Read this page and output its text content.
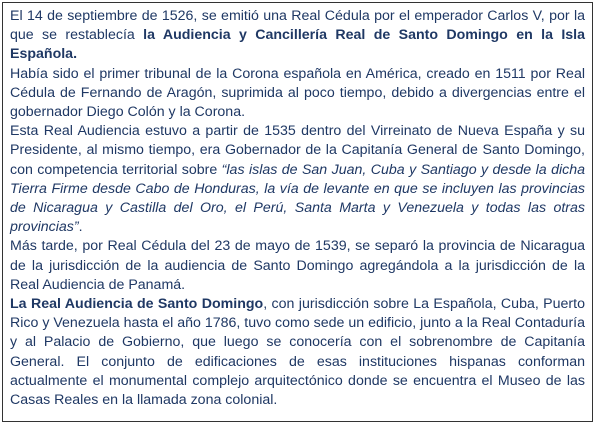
El 14 de septiembre de 1526, se emitió una Real Cédula por el emperador Carlos V, por la que se restablecía la Audiencia y Cancillería Real de Santo Domingo en la Isla Española.

Había sido el primer tribunal de la Corona española en América, creado en 1511 por Real Cédula de Fernando de Aragón, suprimida al poco tiempo, debido a divergencias entre el gobernador Diego Colón y la Corona.

Esta Real Audiencia estuvo a partir de 1535 dentro del Virreinato de Nueva España y su Presidente, al mismo tiempo, era Gobernador de la Capitanía General de Santo Domingo, con competencia territorial sobre “las islas de San Juan, Cuba y Santiago y desde la dicha Tierra Firme desde Cabo de Honduras, la vía de levante en que se incluyen las provincias de Nicaragua y Castilla del Oro, el Perú, Santa Marta y Venezuela y todas las otras provincias”.

Más tarde, por Real Cédula del 23 de mayo de 1539, se separó la provincia de Nicaragua de la jurisdicción de la audiencia de Santo Domingo agregándola a la jurisdicción de la Real Audiencia de Panamá.

La Real Audiencia de Santo Domingo, con jurisdicción sobre La Española, Cuba, Puerto Rico y Venezuela hasta el año 1786, tuvo como sede un edificio, junto a la Real Contaduría y al Palacio de Gobierno, que luego se conocería con el sobrenombre de Capitanía General. El conjunto de edificaciones de esas instituciones hispanas conforman actualmente el monumental complejo arquitectónico donde se encuentra el Museo de las Casas Reales en la llamada zona colonial.
